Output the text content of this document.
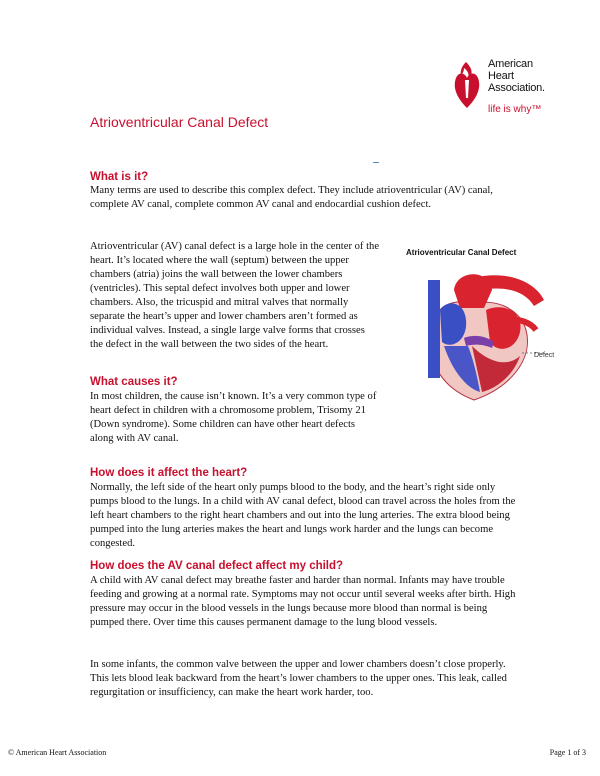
American
Heart
Association.
life is why™
Atrioventricular Canal Defect
What is it?

Many terms are used to describe this complex defect. They include atrioventricular (AV) canal, complete AV canal, complete common AV canal and endocardial cushion defect.

Atrioventricular (AV) canal defect is a large hole in the center of the heart. It’s located where the wall (septum) between the upper chambers (atria) joins the wall between the lower chambers (ventricles). This septal defect involves both upper and lower chambers. Also, the tricuspid and mitral valves that normally separate the heart’s upper and lower chambers aren’t formed as individual valves. Instead, a single large valve forms that crosses the defect in the wall between the two sides of the heart.

Atrioventricular Canal Defect
Defect
What causes it?

In most children, the cause isn’t known. It’s a very common type of heart defect in children with a chromosome problem, Trisomy 21 (Down syndrome). Some children can have other heart defects along with AV canal.

How does it affect the heart?

Normally, the left side of the heart only pumps blood to the body, and the heart’s right side only pumps blood to the lungs. In a child with AV canal defect, blood can travel across the holes from the left heart chambers to the right heart chambers and out into the lung arteries. The extra blood being pumped into the lung arteries makes the heart and lungs work harder and the lungs can become congested.

How does the AV canal defect affect my child?

A child with AV canal defect may breathe faster and harder than normal. Infants may have trouble feeding and growing at a normal rate. Symptoms may not occur until several weeks after birth. High pressure may occur in the blood vessels in the lungs because more blood than normal is being pumped there. Over time this causes permanent damage to the lung blood vessels.

In some infants, the common valve between the upper and lower chambers doesn’t close properly. This lets blood leak backward from the heart’s lower chambers to the upper ones. This leak, called regurgitation or insufficiency, can make the heart work harder, too.

© American Heart Association	Page 1 of 3
